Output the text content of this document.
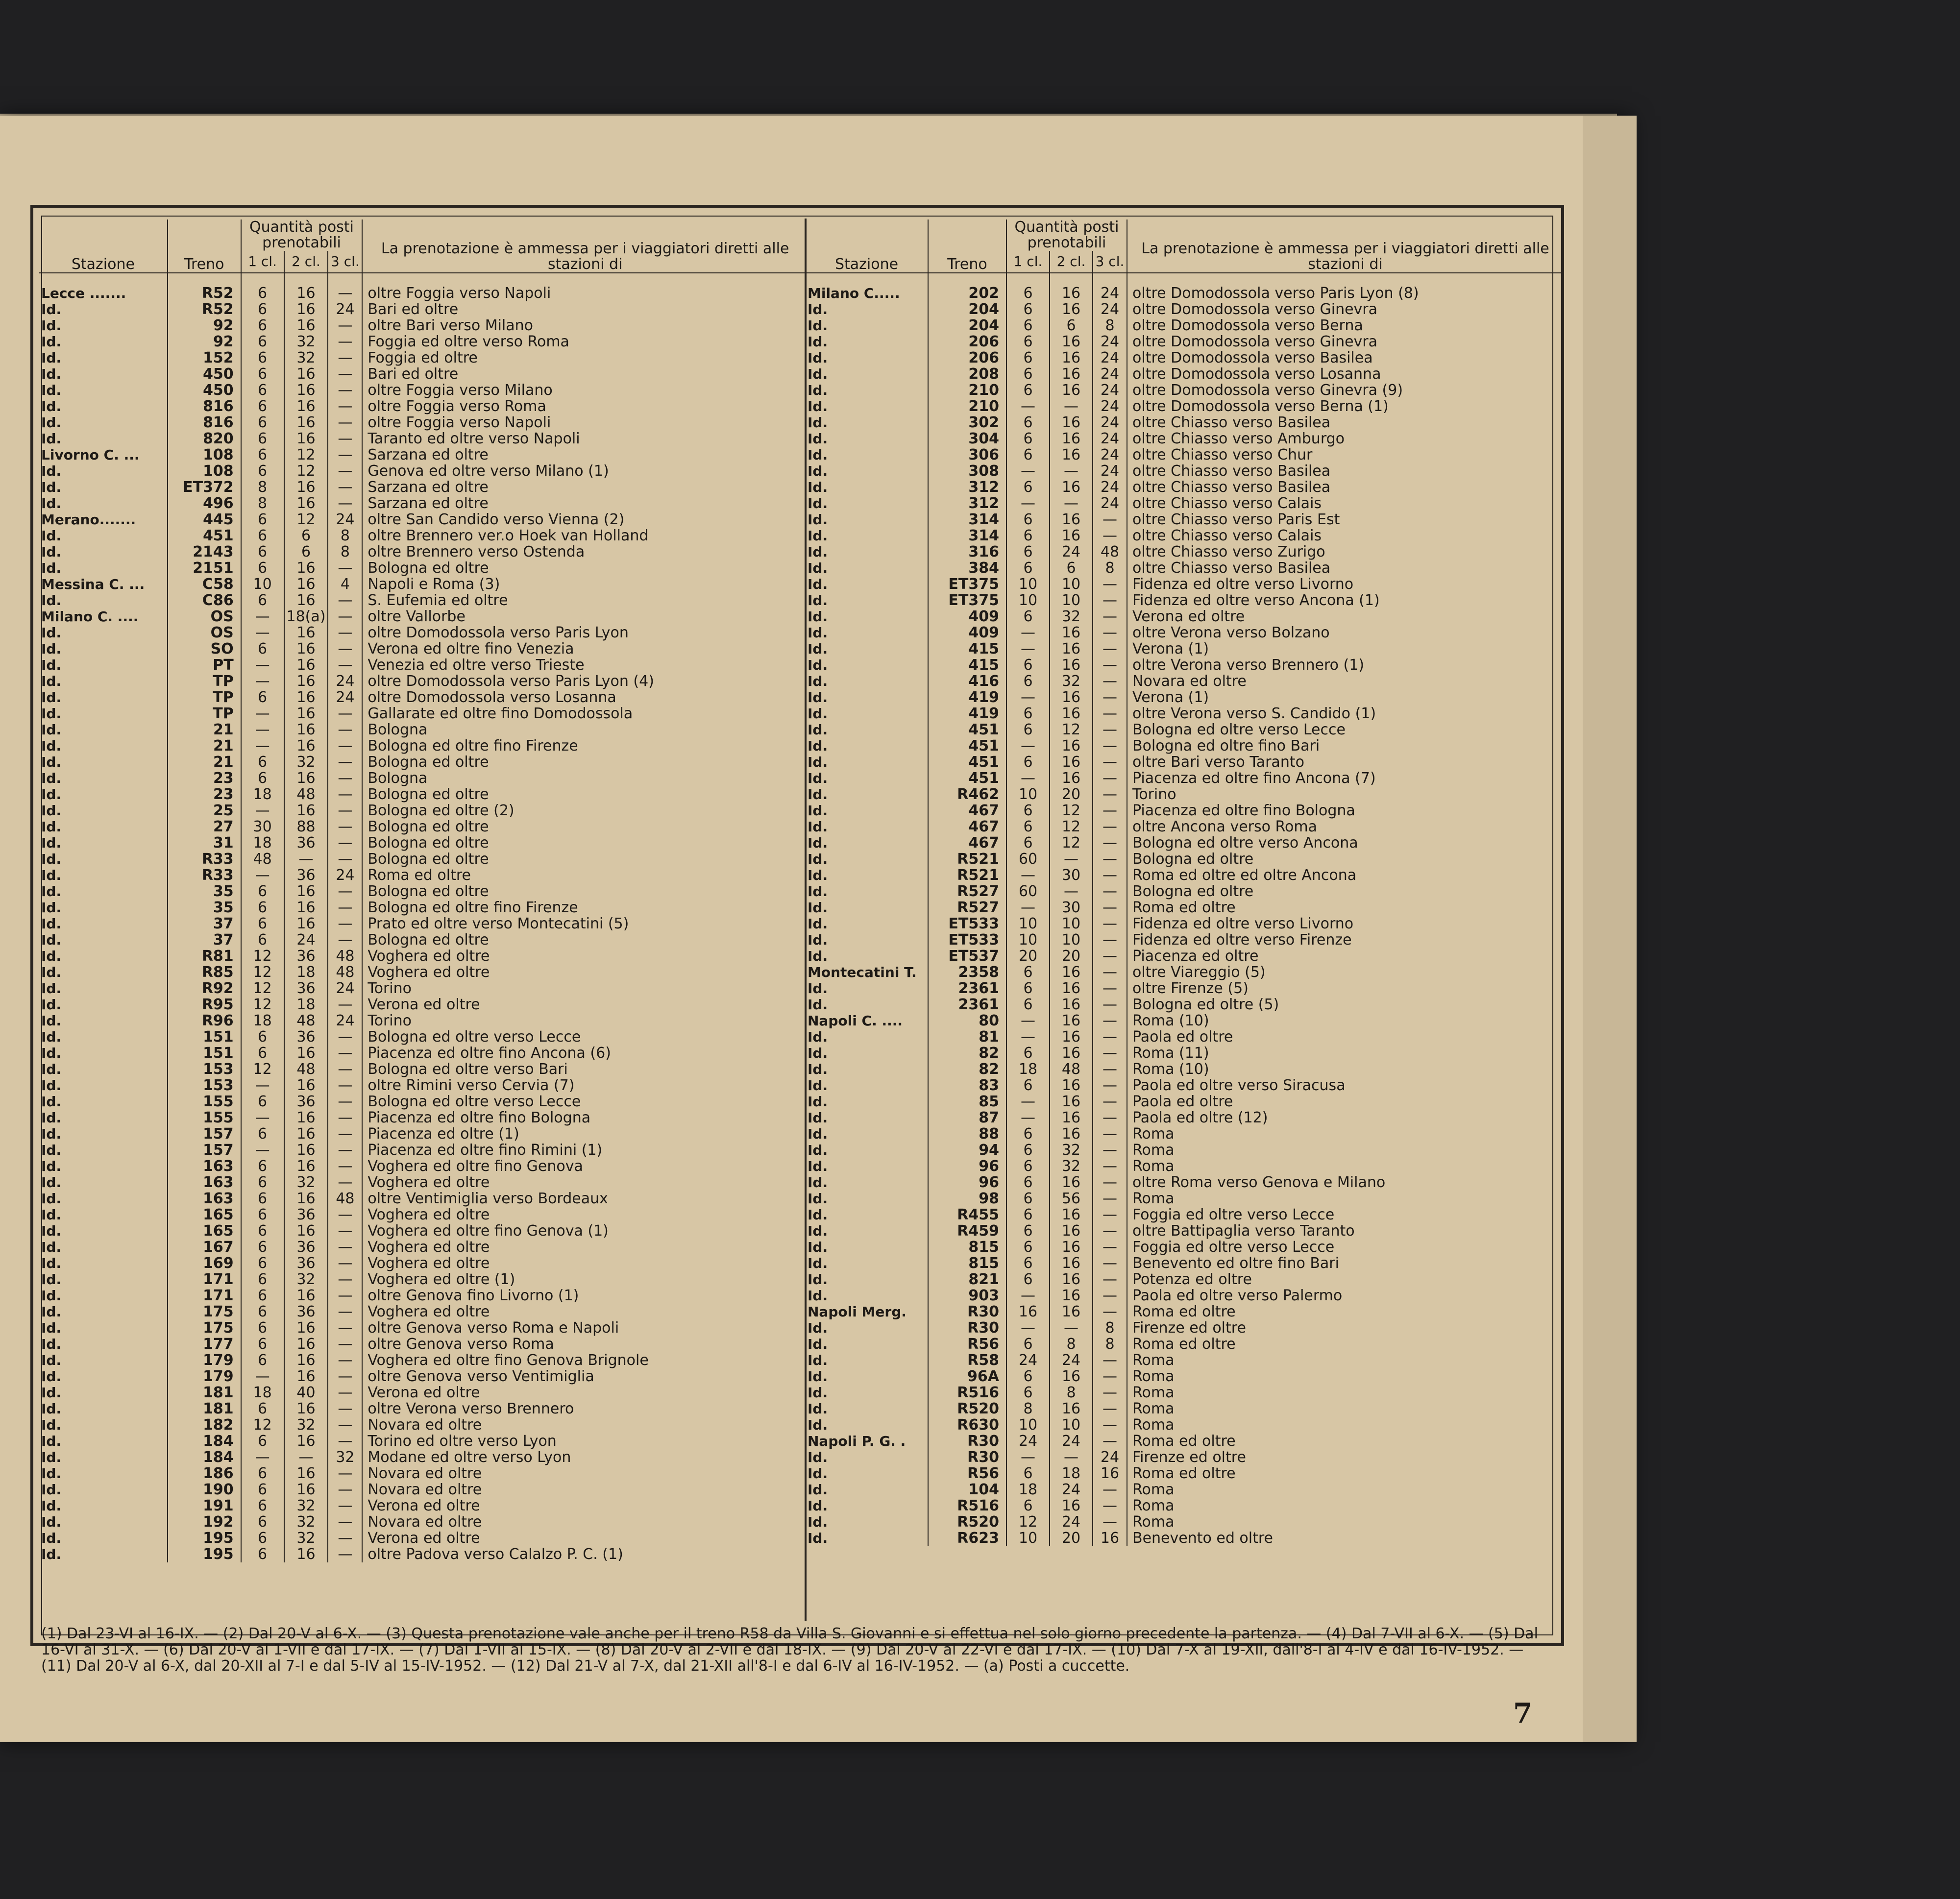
Stazione	Treno	Quantità posti prenotabili			La prenotazione è ammessa per i viaggiatori diretti alle stazioni di
		1 cl.	2 cl.	3 cl.	

Lecce .......	R52	6	16	—	oltre Foggia verso Napoli
Id.	R52	6	16	24	Bari ed oltre
Id.	92	6	16	—	oltre Bari verso Milano
Id.	92	6	32	—	Foggia ed oltre verso Roma
Id.	152	6	32	—	Foggia ed oltre
Id.	450	6	16	—	Bari ed oltre
Id.	450	6	16	—	oltre Foggia verso Milano
Id.	816	6	16	—	oltre Foggia verso Roma
Id.	816	6	16	—	oltre Foggia verso Napoli
Id.	820	6	16	—	Taranto ed oltre verso Napoli
Livorno C. ...	108	6	12	—	Sarzana ed oltre
Id.	108	6	12	—	Genova ed oltre verso Milano (1)
Id.	ET372	8	16	—	Sarzana ed oltre
Id.	496	8	16	—	Sarzana ed oltre
Merano.......	445	6	12	24	oltre San Candido verso Vienna (2)
Id.	451	6	6	8	oltre Brennero ver.o Hoek van Holland
Id.	2143	6	6	8	oltre Brennero verso Ostenda
Id.	2151	6	16	—	Bologna ed oltre
Messina C. ...	C58	10	16	4	Napoli e Roma (3)
Id.	C86	6	16	—	S. Eufemia ed oltre
Milano C. ....	OS	—	18(a)	—	oltre Vallorbe
Id.	OS	—	16	—	oltre Domodossola verso Paris Lyon
Id.	SO	6	16	—	Verona ed oltre fino Venezia
Id.	PT	—	16	—	Venezia ed oltre verso Trieste
Id.	TP	—	16	24	oltre Domodossola verso Paris Lyon (4)
Id.	TP	6	16	24	oltre Domodossola verso Losanna
Id.	TP	—	16	—	Gallarate ed oltre fino Domodossola
Id.	21	—	16	—	Bologna
Id.	21	—	16	—	Bologna ed oltre fino Firenze
Id.	21	6	32	—	Bologna ed oltre
Id.	23	6	16	—	Bologna
Id.	23	18	48	—	Bologna ed oltre
Id.	25	—	16	—	Bologna ed oltre (2)
Id.	27	30	88	—	Bologna ed oltre
Id.	31	18	36	—	Bologna ed oltre
Id.	R33	48	—	—	Bologna ed oltre
Id.	R33	—	36	24	Roma ed oltre
Id.	35	6	16	—	Bologna ed oltre
Id.	35	6	16	—	Bologna ed oltre fino Firenze
Id.	37	6	16	—	Prato ed oltre verso Montecatini (5)
Id.	37	6	24	—	Bologna ed oltre
Id.	R81	12	36	48	Voghera ed oltre
Id.	R85	12	18	48	Voghera ed oltre
Id.	R92	12	36	24	Torino
Id.	R95	12	18	—	Verona ed oltre
Id.	R96	18	48	24	Torino
Id.	151	6	36	—	Bologna ed oltre verso Lecce
Id.	151	6	16	—	Piacenza ed oltre fino Ancona (6)
Id.	153	12	48	—	Bologna ed oltre verso Bari
Id.	153	—	16	—	oltre Rimini verso Cervia (7)
Id.	155	6	36	—	Bologna ed oltre verso Lecce
Id.	155	—	16	—	Piacenza ed oltre fino Bologna
Id.	157	6	16	—	Piacenza ed oltre (1)
Id.	157	—	16	—	Piacenza ed oltre fino Rimini (1)
Id.	163	6	16	—	Voghera ed oltre fino Genova
Id.	163	6	32	—	Voghera ed oltre
Id.	163	6	16	48	oltre Ventimiglia verso Bordeaux
Id.	165	6	36	—	Voghera ed oltre
Id.	165	6	16	—	Voghera ed oltre fino Genova (1)
Id.	167	6	36	—	Voghera ed oltre
Id.	169	6	36	—	Voghera ed oltre
Id.	171	6	32	—	Voghera ed oltre (1)
Id.	171	6	16	—	oltre Genova fino Livorno (1)
Id.	175	6	36	—	Voghera ed oltre
Id.	175	6	16	—	oltre Genova verso Roma e Napoli
Id.	177	6	16	—	oltre Genova verso Roma
Id.	179	6	16	—	Voghera ed oltre fino Genova Brignole
Id.	179	—	16	—	oltre Genova verso Ventimiglia
Id.	181	18	40	—	Verona ed oltre
Id.	181	6	16	—	oltre Verona verso Brennero
Id.	182	12	32	—	Novara ed oltre
Id.	184	6	16	—	Torino ed oltre verso Lyon
Id.	184	—	—	32	Modane ed oltre verso Lyon
Id.	186	6	16	—	Novara ed oltre
Id.	190	6	16	—	Novara ed oltre
Id.	191	6	32	—	Verona ed oltre
Id.	192	6	32	—	Novara ed oltre
Id.	195	6	32	—	Verona ed oltre
Id.	195	6	16	—	oltre Padova verso Calalzo P. C. (1)
Stazione	Treno	Quantità posti prenotabili			La prenotazione è ammessa per i viaggiatori diretti alle stazioni di
		1 cl.	2 cl.	3 cl.	

Milano C.....	202	6	16	24	oltre Domodossola verso Paris Lyon (8)
Id.	204	6	16	24	oltre Domodossola verso Ginevra
Id.	204	6	6	8	oltre Domodossola verso Berna
Id.	206	6	16	24	oltre Domodossola verso Ginevra
Id.	206	6	16	24	oltre Domodossola verso Basilea
Id.	208	6	16	24	oltre Domodossola verso Losanna
Id.	210	6	16	24	oltre Domodossola verso Ginevra (9)
Id.	210	—	—	24	oltre Domodossola verso Berna (1)
Id.	302	6	16	24	oltre Chiasso verso Basilea
Id.	304	6	16	24	oltre Chiasso verso Amburgo
Id.	306	6	16	24	oltre Chiasso verso Chur
Id.	308	—	—	24	oltre Chiasso verso Basilea
Id.	312	6	16	24	oltre Chiasso verso Basilea
Id.	312	—	—	24	oltre Chiasso verso Calais
Id.	314	6	16	—	oltre Chiasso verso Paris Est
Id.	314	6	16	—	oltre Chiasso verso Calais
Id.	316	6	24	48	oltre Chiasso verso Zurigo
Id.	384	6	6	8	oltre Chiasso verso Basilea
Id.	ET375	10	10	—	Fidenza ed oltre verso Livorno
Id.	ET375	10	10	—	Fidenza ed oltre verso Ancona (1)
Id.	409	6	32	—	Verona ed oltre
Id.	409	—	16	—	oltre Verona verso Bolzano
Id.	415	—	16	—	Verona (1)
Id.	415	6	16	—	oltre Verona verso Brennero (1)
Id.	416	6	32	—	Novara ed oltre
Id.	419	—	16	—	Verona (1)
Id.	419	6	16	—	oltre Verona verso S. Candido (1)
Id.	451	6	12	—	Bologna ed oltre verso Lecce
Id.	451	—	16	—	Bologna ed oltre fino Bari
Id.	451	6	16	—	oltre Bari verso Taranto
Id.	451	—	16	—	Piacenza ed oltre fino Ancona (7)
Id.	R462	10	20	—	Torino
Id.	467	6	12	—	Piacenza ed oltre fino Bologna
Id.	467	6	12	—	oltre Ancona verso Roma
Id.	467	6	12	—	Bologna ed oltre verso Ancona
Id.	R521	60	—	—	Bologna ed oltre
Id.	R521	—	30	—	Roma ed oltre ed oltre Ancona
Id.	R527	60	—	—	Bologna ed oltre
Id.	R527	—	30	—	Roma ed oltre
Id.	ET533	10	10	—	Fidenza ed oltre verso Livorno
Id.	ET533	10	10	—	Fidenza ed oltre verso Firenze
Id.	ET537	20	20	—	Piacenza ed oltre
Montecatini T.	2358	6	16	—	oltre Viareggio (5)
Id.	2361	6	16	—	oltre Firenze (5)
Id.	2361	6	16	—	Bologna ed oltre (5)
Napoli C. ....	80	—	16	—	Roma (10)
Id.	81	—	16	—	Paola ed oltre
Id.	82	6	16	—	Roma (11)
Id.	82	18	48	—	Roma (10)
Id.	83	6	16	—	Paola ed oltre verso Siracusa
Id.	85	—	16	—	Paola ed oltre
Id.	87	—	16	—	Paola ed oltre (12)
Id.	88	6	16	—	Roma
Id.	94	6	32	—	Roma
Id.	96	6	32	—	Roma
Id.	96	6	16	—	oltre Roma verso Genova e Milano
Id.	98	6	56	—	Roma
Id.	R455	6	16	—	Foggia ed oltre verso Lecce
Id.	R459	6	16	—	oltre Battipaglia verso Taranto
Id.	815	6	16	—	Foggia ed oltre verso Lecce
Id.	815	6	16	—	Benevento ed oltre fino Bari
Id.	821	6	16	—	Potenza ed oltre
Id.	903	—	16	—	Paola ed oltre verso Palermo
Napoli Merg.	R30	16	16	—	Roma ed oltre
Id.	R30	—	—	8	Firenze ed oltre
Id.	R56	6	8	8	Roma ed oltre
Id.	R58	24	24	—	Roma
Id.	96A	6	16	—	Roma
Id.	R516	6	8	—	Roma
Id.	R520	8	16	—	Roma
Id.	R630	10	10	—	Roma
Napoli P. G. .	R30	24	24	—	Roma ed oltre
Id.	R30	—	—	24	Firenze ed oltre
Id.	R56	6	18	16	Roma ed oltre
Id.	104	18	24	—	Roma
Id.	R516	6	16	—	Roma
Id.	R520	12	24	—	Roma
Id.	R623	10	20	16	Benevento ed oltre
(1) Dal 23-VI al 16-IX. — (2) Dal 20-V al 6-X. — (3) Questa prenotazione vale anche per il treno R58 da Villa S. Giovanni e si effettua nel solo giorno precedente la partenza. — (4) Dal 7-VII al 6-X. — (5) Dal 16-VI al 31-X. — (6) Dal 20-V al 1-VII e dal 17-IX. — (7) Dal 1-VII al 15-IX. — (8) Dal 20-V al 2-VII e dal 18-IX. — (9) Dal 20-V al 22-VI e dal 17-IX. — (10) Dal 7-X al 19-XII, dall'8-I al 4-IV e dal 16-IV-1952. — (11) Dal 20-V al 6-X, dal 20-XII al 7-I e dal 5-IV al 15-IV-1952. — (12) Dal 21-V al 7-X, dal 21-XII all'8-I e dal 6-IV al 16-IV-1952. — (a) Posti a cuccette.
7
